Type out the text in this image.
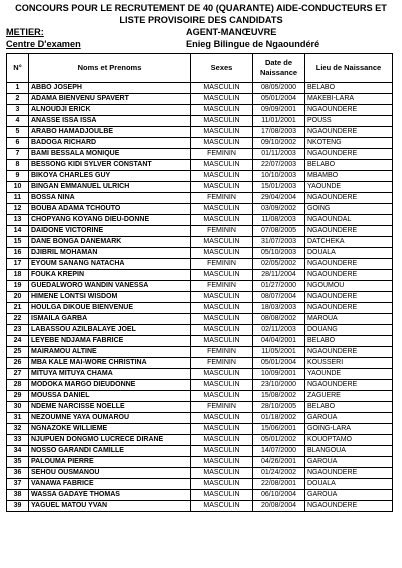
CONCOURS POUR LE RECRUTEMENT DE 40 (QUARANTE) AIDE-CONDUCTEURS ET
LISTE PROVISOIRE DES CANDIDATS
METIER:	AGENT-MANŒUVRE
Centre D'examen	Enieg Bilingue de Ngaoundéré
N°	Noms et Prenoms	Sexes	Date de Naissance	Lieu de Naissance
1	ABBO JOSEPH	MASCULIN	08/05/2000	BELABO
2	ADAMA BIENVENU SPAVERT	MASCULIN	05/01/2004	MAKEBI-LARA
3	ALNOUDJI ERICK	MASCULIN	09/09/2001	NGAOUNDERE
4	ANASSE ISSA ISSA	MASCULIN	11/01/2001	POUSS
5	ARABO HAMADJOULBE	MASCULIN	17/08/2003	NGAOUNDERE
6	BADOGA RICHARD	MASCULIN	09/10/2002	NKOTENG
7	BAMI BESSALA MONIQUE	FEMININ	01/11/2003	NGAOUNDERE
8	BESSONG KIDI SYLVER CONSTANT	MASCULIN	22/07/2003	BELABO
9	BIKOYA CHARLES GUY	MASCULIN	10/10/2003	MBAMBO
10	BINGAN EMMANUEL ULRICH	MASCULIN	15/01/2003	YAOUNDE
11	BOSSA NINA	FEMININ	29/04/2004	NGAOUNDERE
12	BOUBA ADAMA TCHOUTO	MASCULIN	03/09/2002	GOING
13	CHOPYANG KOYANG DIEU-DONNE	MASCULIN	11/08/2003	NGAOUNDAL
14	DAIDONE VICTORINE	FEMININ	07/08/2005	NGAOUNDERE
15	DANE BONGA DANEMARK	MASCULIN	31/07/2003	DATCHEKA
16	DJIBRIL MOHAMAN	MASCULIN	05/10/2003	DOUALA
17	EYOUM SANANG NATACHA	FEMININ	02/05/2002	NGAOUNDERE
18	FOUKA KREPIN	MASCULIN	28/11/2004	NGAOUNDERE
19	GUEDALWORO WANDIN VANESSA	FEMININ	01/27/2000	NGOUMOU
20	HIMENE LONTSI WISDOM	MASCULIN	08/07/2004	NGAOUNDERE
21	HOULGA DIKOUE BIENVENUE	MASCULIN	18/03/2003	NGAOUNDERE
22	ISMAILA GARBA	MASCULIN	08/08/2002	MAROUA
23	LABASSOU AZILBALAYE JOEL	MASCULIN	02/11/2003	DOUANG
24	LEYEBE NDJAMA FABRICE	MASCULIN	04/04/2001	BELABO
25	MAIRAMOU ALTINE	FEMININ	11/05/2001	NGAOUNDERE
26	MBA KALE MAI-WORE CHRISTINA	FEMININ	05/01/2004	KOUSSERI
27	MITUYA MITUYA CHAMA	MASCULIN	10/09/2001	YAOUNDE
28	MODOKA MARGO DIEUDONNE	MASCULIN	23/10/2000	NGAOUNDERE
29	MOUSSA DANIEL	MASCULIN	15/08/2002	ZAGUERE
30	NDEME NARCISSE NOELLE	FEMININ	28/10/2005	BELABO
31	NEZOUMNE YAYA OUMAROU	MASCULIN	01/18/2002	GAROUA
32	NGNAZOKE WILLIEME	MASCULIN	15/06/2001	GOING-LARA
33	NJUPUEN DONGMO LUCRECE DIRANE	MASCULIN	05/01/2002	KOUOPTAMO
34	NOSSO GARANDI CAMILLE	MASCULIN	14/07/2000	BLANGOUA
35	PALOUMA PIERRE	MASCULIN	04/26/2001	GAROUA
36	SEHOU OUSMANOU	MASCULIN	01/24/2002	NGAOUNDERE
37	VANAWA FABRICE	MASCULIN	22/08/2001	DOUALA
38	WASSA GADAYE THOMAS	MASCULIN	06/10/2004	GAROUA
39	YAGUEL MATOU YVAN	MASCULIN	20/08/2004	NGAOUNDERE
